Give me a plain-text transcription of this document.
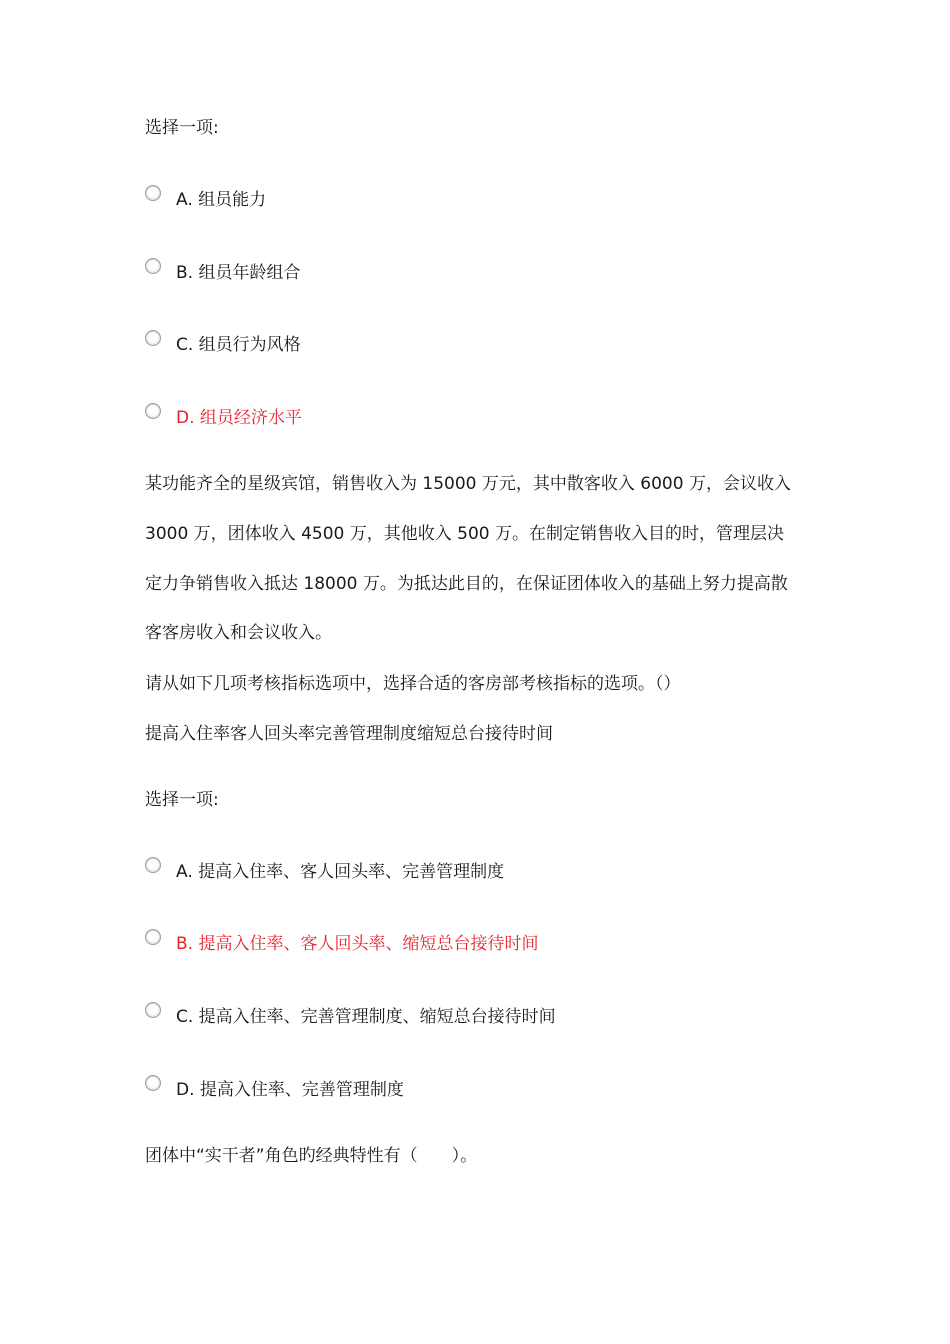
选择一项:
A. 组员能力
B. 组员年龄组合
C. 组员行为风格
D. 组员经济水平
某功能齐全的星级宾馆，销售收入为 15000 万元，其中散客收入 6000 万，会议收入
3000 万，团体收入 4500 万，其他收入 500 万。在制定销售收入目的时，管理层决
定力争销售收入抵达 18000 万。为抵达此目的，在保证团体收入的基础上努力提高散
客客房收入和会议收入。
请从如下几项考核指标选项中，选择合适的客房部考核指标的选项。（）
提高入住率客人回头率完善管理制度缩短总台接待时间
选择一项:
A. 提高入住率、客人回头率、完善管理制度
B. 提高入住率、客人回头率、缩短总台接待时间
C. 提高入住率、完善管理制度、缩短总台接待时间
D. 提高入住率、完善管理制度
团体中“实干者”角色旳经典特性有（　　）。
